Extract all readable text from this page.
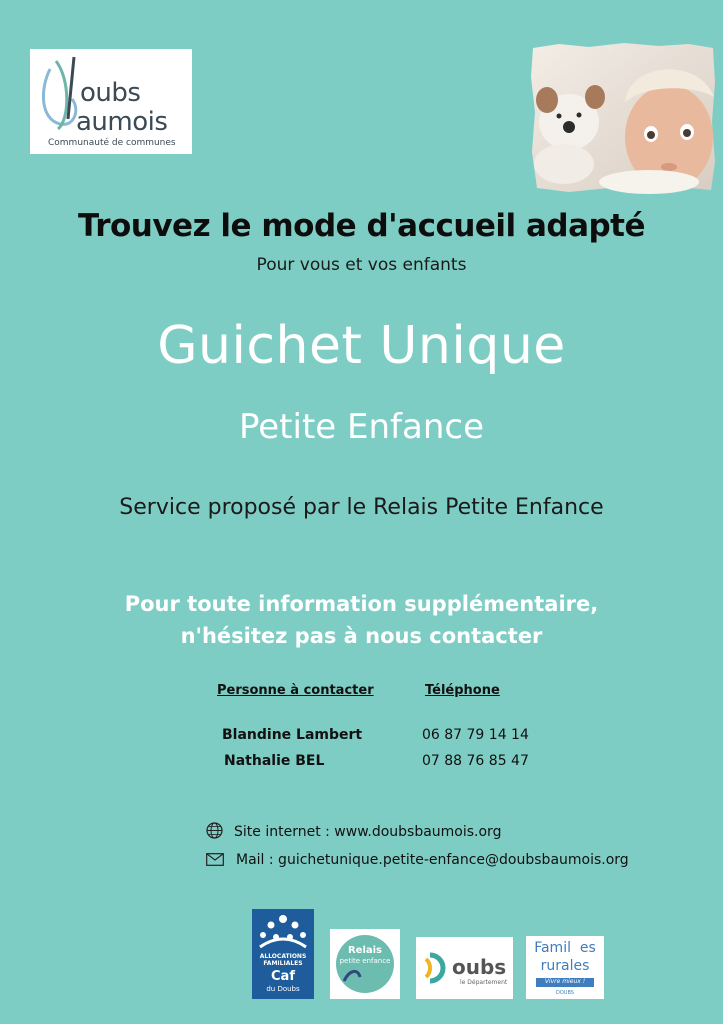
oubs
aumois
Communauté de communes
Trouvez le mode d'accueil adapté
Pour vous et vos enfants
Guichet Unique
Petite Enfance
Service proposé par le Relais Petite Enfance
Pour toute information supplémentaire,
n'hésitez pas à nous contacter
Personne à contacter	Téléphone
Blandine Lambert	06 87 79 14 14
Nathalie BEL	07 88 76 85 47
Site internet : www.doubsbaumois.org
Mail : guichetunique.petite-enfance@doubsbaumois.org
ALLOCATIONS
FAMILIALES
Caf
du Doubs
Relais
petite enfance	oubs
le Département
Famil  es
rurales
Vivre mieux !
DOUBS
